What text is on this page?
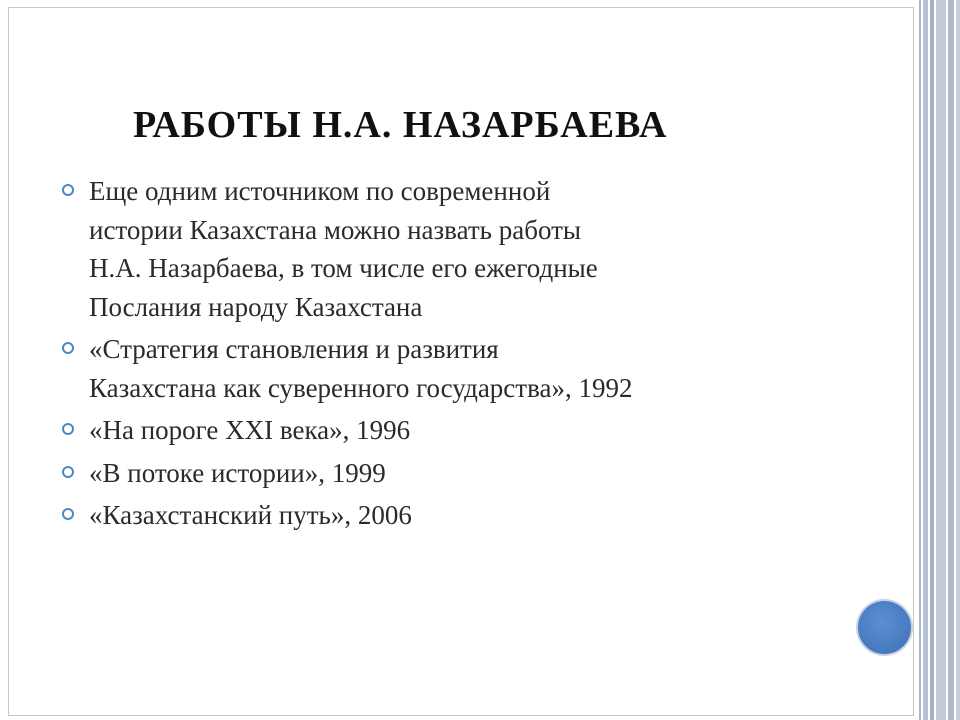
РАБОТЫ Н.А. НАЗАРБАЕВА
Еще одним источником по современной
истории Казахстана можно назвать работы
Н.А. Назарбаева, в том числе его ежегодные
Послания народу Казахстана
«Стратегия становления и развития
Казахстана как суверенного государства», 1992
«На пороге XXI века», 1996
«В потоке истории», 1999
«Казахстанский путь», 2006
